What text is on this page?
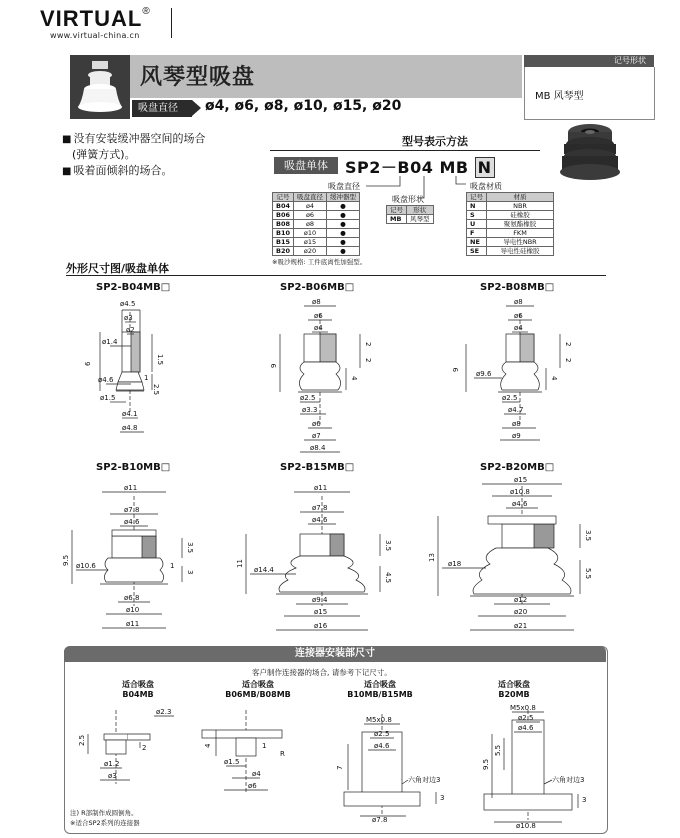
VIRTUAL®
www.virtual-china.cn
风琴型吸盘
吸盘直径	ø4, ø6, ø8, ø10, ø15, ø20
记号形状
MB 风琴型
■ 没有安装缓冲器空间的场合
(弹簧方式)。
■ 吸着面倾斜的场合。
型号表示方法
吸盘单体	SP2－B04 MB N
吸盘直径
吸盘形状
吸盘材质
记号	吸盘直径	缓冲器型
B04	ø4	●
B06	ø6	●
B08	ø8	●
B10	ø10	●
B15	ø15	●
B20	ø20	●
记号	形状
MB	风琴型
记号	材质
N	NBR
S	硅橡胶
U	聚氨酯橡胶
F	FKM
NE	导电性NBR
SE	导电性硅橡胶
※吸沙规格: 工件底离性加强型。
外形尺寸图/吸盘单体
SP2-B04MB□	SP2-B06MB□	SP2-B08MB□
SP2-B10MB□	SP2-B15MB□	SP2-B20MB□
ø4.5
ø3
ø2
ø1.4
1.5
6
ø4.6	1
2.5
ø1.5
ø4.1
ø4.8
ø8
ø6
ø4
2
2
9
4
ø2.5
ø3.3
ø6
ø7
ø8.4
ø8
ø6
ø4
2
2
9
ø9.6
4
ø2.5
ø4.7
ø8
ø9
ø11
ø7.8
ø4.6
3.5
9.5 ø10.6	1
3
ø6.8
ø10
ø11
ø11
ø7.8
ø4.6
3.5
11
ø14.4
4.5
ø9.4
ø15
ø16
ø15
ø10.8
ø4.6
3.5
13
ø18
5.5
ø12
ø20
ø21
连接器安装部尺寸
客户制作连接器的场合, 请参考下记尺寸。
适合吸盘
B04MB
适合吸盘
B06MB/B08MB
适合吸盘
B10MB/B15MB
适合吸盘
B20MB
2.5
ø1.2
ø3
2
ø2.3
4
ø1.5
ø4
ø6
R
1
M5x0.8
ø2.5
ø4.6
7
六角对边3
ø7.8
3
M5x0.8
ø2.5
ø4.6
5.5
9.5
六角对边3
ø10.8
3
注) R部制作成圆倒角。
※适合SP2系列的连接器
